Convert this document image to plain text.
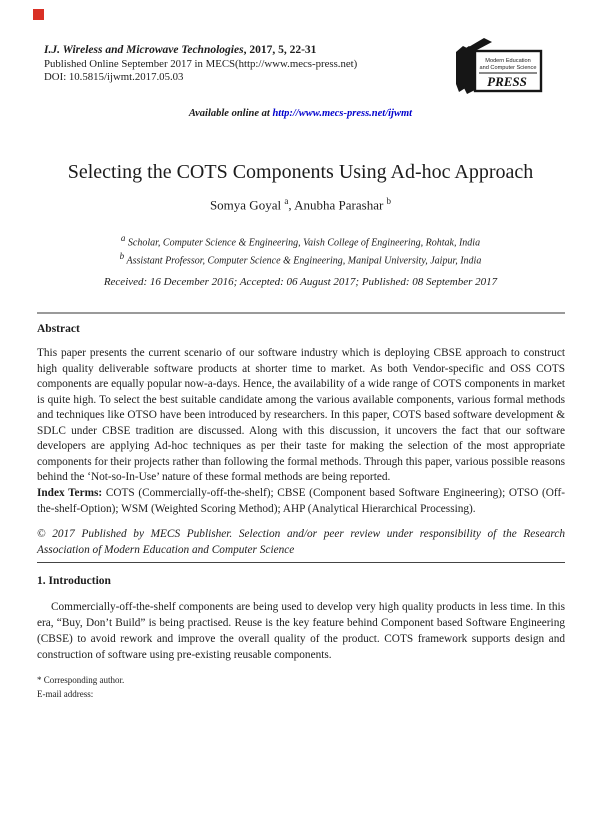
I.J. Wireless and Microwave Technologies, 2017, 5, 22-31
Published Online September 2017 in MECS(http://www.mecs-press.net)
DOI: 10.5815/ijwmt.2017.05.03
Modern Education
and Computer Science
PRESS
Available online at http://www.mecs-press.net/ijwmt
Selecting the COTS Components Using Ad-hoc Approach
Somya Goyal $^a$, Anubha Parashar $^b$
$^a$ Scholar, Computer Science & Engineering, Vaish College of Engineering, Rohtak, India
$^b$ Assistant Professor, Computer Science & Engineering, Manipal University, Jaipur, India
Received: 16 December 2016; Accepted: 06 August 2017; Published: 08 September 2017
Abstract
This paper presents the current scenario of our software industry which is deploying CBSE approach to construct high quality deliverable software products at shorter time to market. As both Vendor-specific and OSS COTS components are equally popular now-a-days. Hence, the availability of a wide range of COTS components in market is quite high. To select the best suitable candidate among the various available components, various formal methods and techniques like OTSO have been introduced by researchers. In this paper, COTS based software development & SDLC under CBSE tradition are discussed. Along with this discussion, it uncovers the fact that our software developers are applying Ad-hoc techniques as per their taste for making the selection of the most appropriate components for their projects rather than following the formal methods. Through this paper, various possible reasons behind the ‘Not-so-In-Use’ nature of these formal methods are being reported.
Index Terms: COTS (Commercially-off-the-shelf); CBSE (Component based Software Engineering); OTSO (Off-the-shelf-Option); WSM (Weighted Scoring Method); AHP (Analytical Hierarchical Processing).
© 2017 Published by MECS Publisher. Selection and/or peer review under responsibility of the Research Association of Modern Education and Computer Science
1. Introduction
Commercially-off-the-shelf components are being used to develop very high quality products in less time. In this era, “Buy, Don’t Build” is being practised. Reuse is the key feature behind Component based Software Engineering (CBSE) to avoid rework and improve the overall quality of the product. COTS framework supports design and construction of software using pre-existing reusable components.
* Corresponding author.
E-mail address:
